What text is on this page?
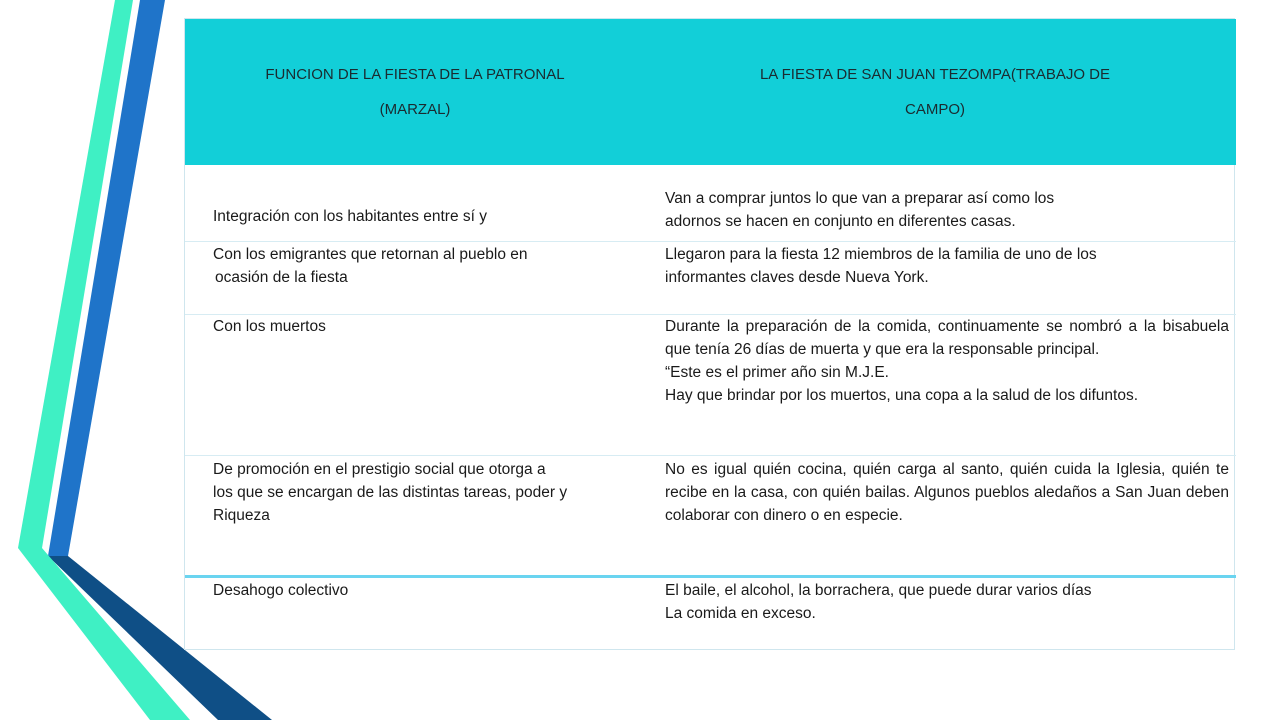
FUNCION DE LA FIESTA DE LA PATRONAL
(MARZAL)
LA FIESTA DE SAN JUAN TEZOMPA(TRABAJO DE
CAMPO)
Integración con los habitantes entre sí y
Van a comprar juntos lo que van a preparar así como los
adornos se hacen en conjunto en diferentes casas.
Con los emigrantes que retornan al pueblo en
ocasión de la fiesta
Llegaron para la fiesta 12 miembros de la familia de uno de los
informantes claves desde Nueva York.
Con los muertos	Durante la preparación de la comida, continuamente se nombró a la bisabuela que tenía 26 días de muerta y que era la responsable principal.
“Este es el primer año sin M.J.E.
Hay que brindar por los muertos, una copa a la salud de los difuntos.
De promoción en el prestigio social que otorga a
los que se encargan de las distintas tareas, poder y
Riqueza
No es igual quién cocina, quién carga al santo, quién cuida la Iglesia, quién te recibe en la casa, con quién bailas. Algunos pueblos aledaños a San Juan deben colaborar con dinero o en especie.
Desahogo colectivo	El baile, el alcohol, la borrachera, que puede durar varios días
La comida en exceso.
